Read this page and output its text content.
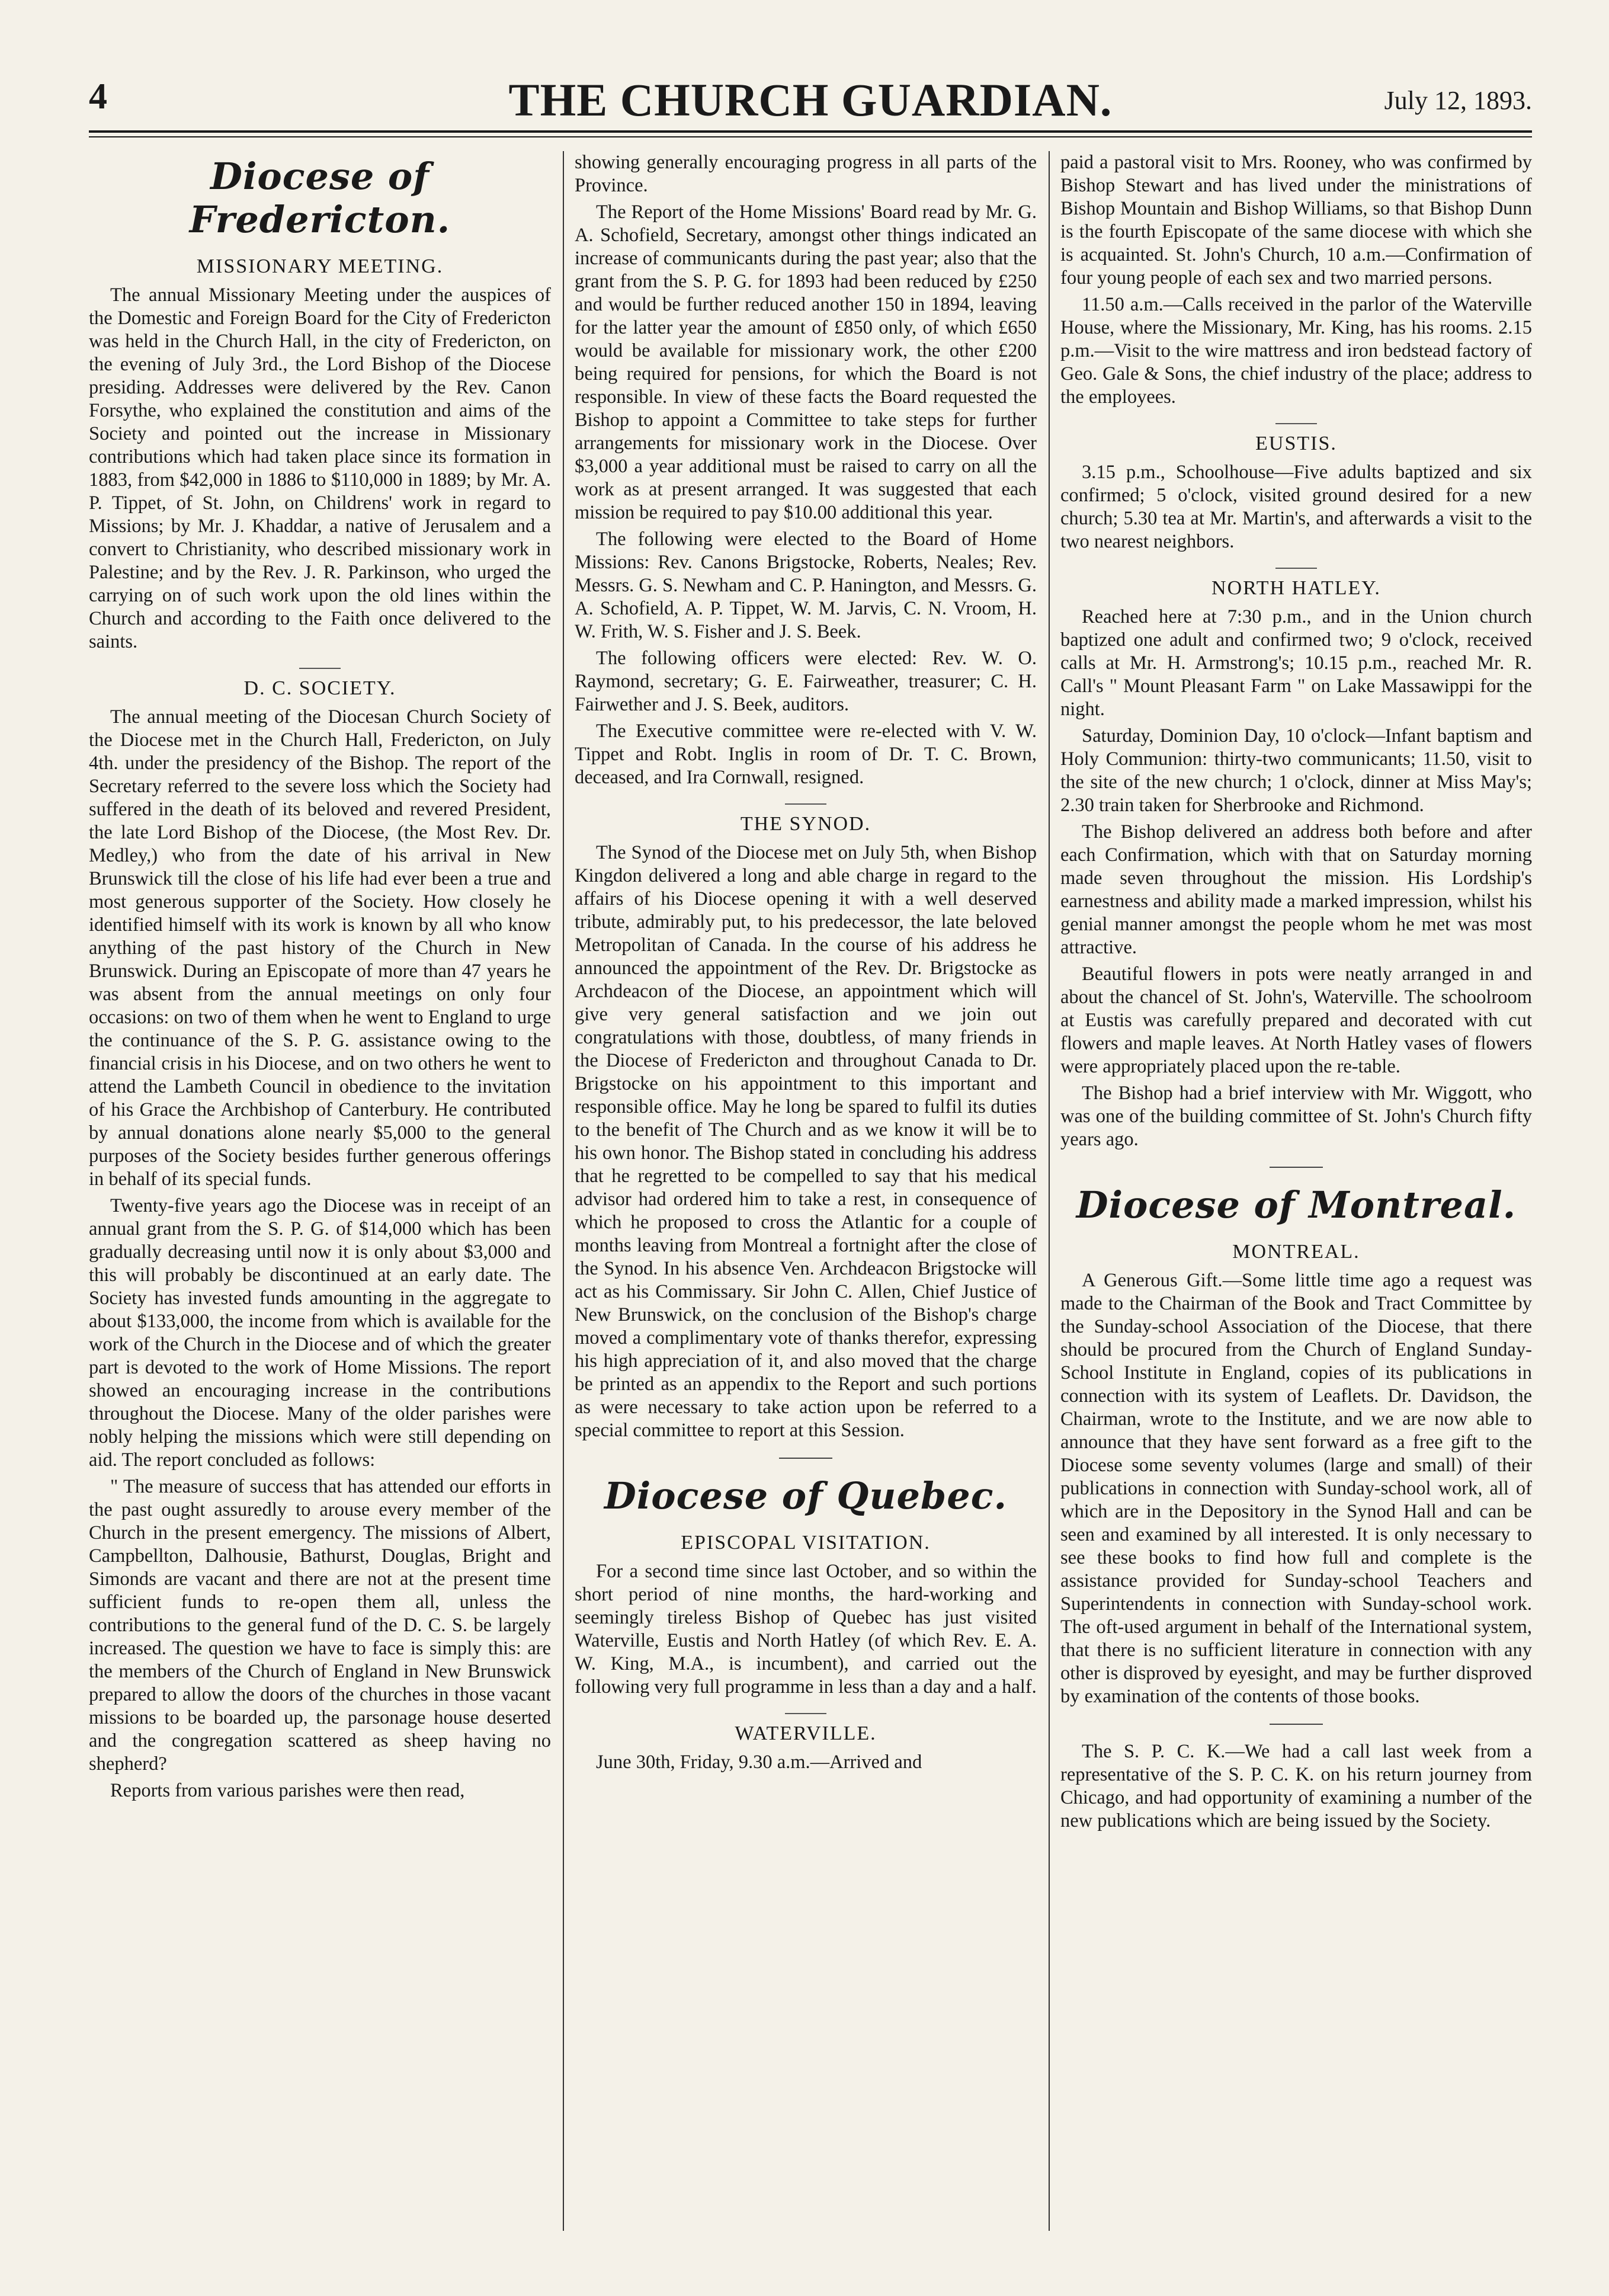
4	THE CHURCH GUARDIAN.	July 12, 1893.
Diocese of Fredericton.
MISSIONARY MEETING.

The annual Missionary Meeting under the auspices of the Domestic and Foreign Board for the City of Fredericton was held in the Church Hall, in the city of Fredericton, on the evening of July 3rd., the Lord Bishop of the Diocese presiding. Addresses were delivered by the Rev. Canon Forsythe, who explained the constitution and aims of the Society and pointed out the increase in Missionary contributions which had taken place since its formation in 1883, from $42,000 in 1886 to $110,000 in 1889; by Mr. A. P. Tippet, of St. John, on Childrens' work in regard to Missions; by Mr. J. Khaddar, a native of Jerusalem and a convert to Christianity, who described missionary work in Palestine; and by the Rev. J. R. Parkinson, who urged the carrying on of such work upon the old lines within the Church and according to the Faith once delivered to the saints.

D. C. SOCIETY.

The annual meeting of the Diocesan Church Society of the Diocese met in the Church Hall, Fredericton, on July 4th. under the presidency of the Bishop. The report of the Secretary referred to the severe loss which the Society had suffered in the death of its beloved and revered President, the late Lord Bishop of the Diocese, (the Most Rev. Dr. Medley,) who from the date of his arrival in New Brunswick till the close of his life had ever been a true and most generous supporter of the Society. How closely he identified himself with its work is known by all who know anything of the past history of the Church in New Brunswick. During an Episcopate of more than 47 years he was absent from the annual meetings on only four occasions: on two of them when he went to England to urge the continuance of the S. P. G. assistance owing to the financial crisis in his Diocese, and on two others he went to attend the Lambeth Council in obedience to the invitation of his Grace the Archbishop of Canterbury. He contributed by annual donations alone nearly $5,000 to the general purposes of the Society besides further generous offerings in behalf of its special funds.

Twenty-five years ago the Diocese was in receipt of an annual grant from the S. P. G. of $14,000 which has been gradually decreasing until now it is only about $3,000 and this will probably be discontinued at an early date. The Society has invested funds amounting in the aggregate to about $133,000, the income from which is available for the work of the Church in the Diocese and of which the greater part is devoted to the work of Home Missions. The report showed an encouraging increase in the contributions throughout the Diocese. Many of the older parishes were nobly helping the missions which were still depending on aid. The report concluded as follows:

" The measure of success that has attended our efforts in the past ought assuredly to arouse every member of the Church in the present emergency. The missions of Albert, Campbellton, Dalhousie, Bathurst, Douglas, Bright and Simonds are vacant and there are not at the present time sufficient funds to re-open them all, unless the contributions to the general fund of the D. C. S. be largely increased. The question we have to face is simply this: are the members of the Church of England in New Brunswick prepared to allow the doors of the churches in those vacant missions to be boarded up, the parsonage house deserted and the congregation scattered as sheep having no shepherd?

Reports from various parishes were then read,

showing generally encouraging progress in all parts of the Province.

The Report of the Home Missions' Board read by Mr. G. A. Schofield, Secretary, amongst other things indicated an increase of communicants during the past year; also that the grant from the S. P. G. for 1893 had been reduced by £250 and would be further reduced another 150 in 1894, leaving for the latter year the amount of £850 only, of which £650 would be available for missionary work, the other £200 being required for pensions, for which the Board is not responsible. In view of these facts the Board requested the Bishop to appoint a Committee to take steps for further arrangements for missionary work in the Diocese. Over $3,000 a year additional must be raised to carry on all the work as at present arranged. It was suggested that each mission be required to pay $10.00 additional this year.

The following were elected to the Board of Home Missions: Rev. Canons Brigstocke, Roberts, Neales; Rev. Messrs. G. S. Newham and C. P. Hanington, and Messrs. G. A. Schofield, A. P. Tippet, W. M. Jarvis, C. N. Vroom, H. W. Frith, W. S. Fisher and J. S. Beek.

The following officers were elected: Rev. W. O. Raymond, secretary; G. E. Fairweather, treasurer; C. H. Fairwether and J. S. Beek, auditors.

The Executive committee were re-elected with V. W. Tippet and Robt. Inglis in room of Dr. T. C. Brown, deceased, and Ira Cornwall, resigned.

THE SYNOD.

The Synod of the Diocese met on July 5th, when Bishop Kingdon delivered a long and able charge in regard to the affairs of his Diocese opening it with a well deserved tribute, admirably put, to his predecessor, the late beloved Metropolitan of Canada. In the course of his address he announced the appointment of the Rev. Dr. Brigstocke as Archdeacon of the Diocese, an appointment which will give very general satisfaction and we join out congratulations with those, doubtless, of many friends in the Diocese of Fredericton and throughout Canada to Dr. Brigstocke on his appointment to this important and responsible office. May he long be spared to fulfil its duties to the benefit of The Church and as we know it will be to his own honor. The Bishop stated in concluding his address that he regretted to be compelled to say that his medical advisor had ordered him to take a rest, in consequence of which he proposed to cross the Atlantic for a couple of months leaving from Montreal a fortnight after the close of the Synod. In his absence Ven. Archdeacon Brigstocke will act as his Commissary. Sir John C. Allen, Chief Justice of New Brunswick, on the conclusion of the Bishop's charge moved a complimentary vote of thanks therefor, expressing his high appreciation of it, and also moved that the charge be printed as an appendix to the Report and such portions as were necessary to take action upon be referred to a special committee to report at this Session.

Diocese of Quebec.
EPISCOPAL VISITATION.

For a second time since last October, and so within the short period of nine months, the hard-working and seemingly tireless Bishop of Quebec has just visited Waterville, Eustis and North Hatley (of which Rev. E. A. W. King, M.A., is incumbent), and carried out the following very full programme in less than a day and a half.

WATERVILLE.

June 30th, Friday, 9.30 a.m.—Arrived and

paid a pastoral visit to Mrs. Rooney, who was confirmed by Bishop Stewart and has lived under the ministrations of Bishop Mountain and Bishop Williams, so that Bishop Dunn is the fourth Episcopate of the same diocese with which she is acquainted. St. John's Church, 10 a.m.—Confirmation of four young people of each sex and two married persons.

11.50 a.m.—Calls received in the parlor of the Waterville House, where the Missionary, Mr. King, has his rooms. 2.15 p.m.—Visit to the wire mattress and iron bedstead factory of Geo. Gale & Sons, the chief industry of the place; address to the employees.

EUSTIS.

3.15 p.m., Schoolhouse—Five adults baptized and six confirmed; 5 o'clock, visited ground desired for a new church; 5.30 tea at Mr. Martin's, and afterwards a visit to the two nearest neighbors.

NORTH HATLEY.

Reached here at 7:30 p.m., and in the Union church baptized one adult and confirmed two; 9 o'clock, received calls at Mr. H. Armstrong's; 10.15 p.m., reached Mr. R. Call's " Mount Pleasant Farm " on Lake Massawippi for the night.

Saturday, Dominion Day, 10 o'clock—Infant baptism and Holy Communion: thirty-two communicants; 11.50, visit to the site of the new church; 1 o'clock, dinner at Miss May's; 2.30 train taken for Sherbrooke and Richmond.

The Bishop delivered an address both before and after each Confirmation, which with that on Saturday morning made seven throughout the mission. His Lordship's earnestness and ability made a marked impression, whilst his genial manner amongst the people whom he met was most attractive.

Beautiful flowers in pots were neatly arranged in and about the chancel of St. John's, Waterville. The schoolroom at Eustis was carefully prepared and decorated with cut flowers and maple leaves. At North Hatley vases of flowers were appropriately placed upon the re-table.

The Bishop had a brief interview with Mr. Wiggott, who was one of the building committee of St. John's Church fifty years ago.

Diocese of Montreal.
MONTREAL.

A Generous Gift.—Some little time ago a request was made to the Chairman of the Book and Tract Committee by the Sunday-school Association of the Diocese, that there should be procured from the Church of England Sunday-School Institute in England, copies of its publications in connection with its system of Leaflets. Dr. Davidson, the Chairman, wrote to the Institute, and we are now able to announce that they have sent forward as a free gift to the Diocese some seventy volumes (large and small) of their publications in connection with Sunday-school work, all of which are in the Depository in the Synod Hall and can be seen and examined by all interested. It is only necessary to see these books to find how full and complete is the assistance provided for Sunday-school Teachers and Superintendents in connection with Sunday-school work. The oft-used argument in behalf of the International system, that there is no sufficient literature in connection with any other is disproved by eyesight, and may be further disproved by examination of the contents of those books.

The S. P. C. K.—We had a call last week from a representative of the S. P. C. K. on his return journey from Chicago, and had opportunity of examining a number of the new publications which are being issued by the Society.
